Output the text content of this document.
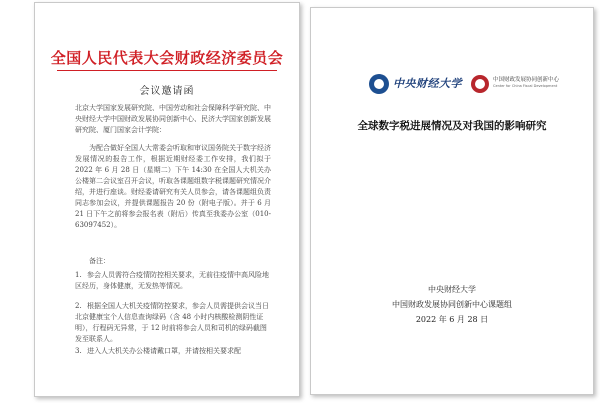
全国人民代表大会财政经济委员会
会议邀请函

北京大学国家发展研究院、中国劳动和社会保障科学研究院、中央财经大学中国财政发展协同创新中心、民济大学国家创新发展研究院、厦门国家会计学院：

为配合做好全国人大常委会听取和审议国务院关于数字经济发展情况的报告工作，根据近期财经委工作安排，我们拟于 2022 年 6 月 28 日（星期二）下午 14:30 在全国人大机关办公楼第二会议室召开会议，听取各课题组数字税课题研究情况介绍，并进行座谈。财经委请研究有关人员参会，请各课题组负责同志参加会议，并提供课题报告 20 份（附电子版）。并于 6 月 21 日下午之前将参会报名表（附后）传真至我委办公室（010-63097452）。

备注：
1. 参会人员需符合疫情防控相关要求，无前往疫情中高风险地区经历，身体健康，无发热等情况。
2. 根据全国人大机关疫情防控要求，参会人员需提供会议当日北京健康宝个人信息查询绿码（含 48 小时内核酸检测阴性证明），行程码无异常，于 12 时前将参会人员和司机的绿码截图发至联系人。
3. 进入人大机关办公楼请戴口罩，并请按相关要求配
中央财经大学	中国财政发展协同创新中心
Center for China Fiscal Development
全球数字税进展情况及对我国的影响研究
中央财经大学
中国财政发展协同创新中心课题组
2022 年 6 月 28 日
